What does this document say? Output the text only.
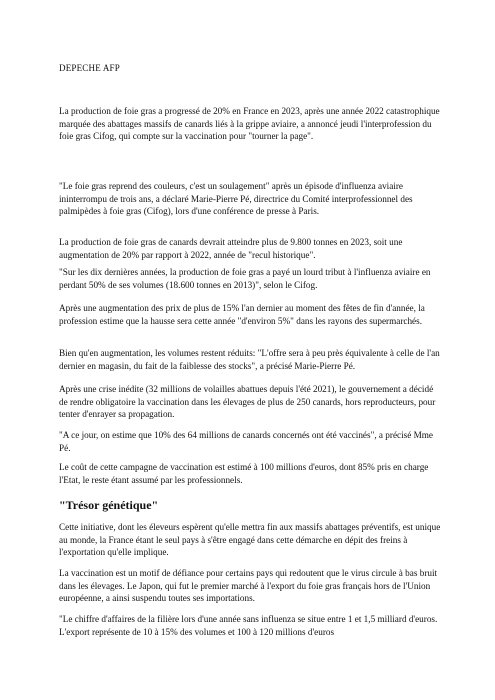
DEPECHE AFP

La production de foie gras a progressé de 20% en France en 2023, après une année 2022 catastrophique marquée des abattages massifs de canards liés à la grippe aviaire, a annoncé jeudi l'interprofession du foie gras Cifog, qui compte sur la vaccination pour "tourner la page".

"Le foie gras reprend des couleurs, c'est un soulagement" après un épisode d'influenza aviaire ininterrompu de trois ans, a déclaré Marie-Pierre Pé, directrice du Comité interprofessionnel des palmipèdes à foie gras (Cifog), lors d'une conférence de presse à Paris.

La production de foie gras de canards devrait atteindre plus de 9.800 tonnes en 2023, soit une augmentation de 20% par rapport à 2022, année de "recul historique".

"Sur les dix dernières années, la production de foie gras a payé un lourd tribut à l'influenza aviaire en perdant 50% de ses volumes (18.600 tonnes en 2013)", selon le Cifog.

Après une augmentation des prix de plus de 15% l'an dernier au moment des fêtes de fin d'année, la profession estime que la hausse sera cette année "d'environ 5%" dans les rayons des supermarchés.

Bien qu'en augmentation, les volumes restent réduits: "L'offre sera à peu près équivalente à celle de l'an dernier en magasin, du fait de la faiblesse des stocks", a précisé Marie-Pierre Pé.

Après une crise inédite (32 millions de volailles abattues depuis l'été 2021), le gouvernement a décidé de rendre obligatoire la vaccination dans les élevages de plus de 250 canards, hors reproducteurs, pour tenter d'enrayer sa propagation.

"A ce jour, on estime que 10% des 64 millions de canards concernés ont été vaccinés", a précisé Mme Pé.

Le coût de cette campagne de vaccination est estimé à 100 millions d'euros, dont 85% pris en charge l'Etat, le reste étant assumé par les professionnels.

"Trésor génétique"

Cette initiative, dont les éleveurs espèrent qu'elle mettra fin aux massifs abattages préventifs, est unique au monde, la France étant le seul pays à s'être engagé dans cette démarche en dépit des freins à l'exportation qu'elle implique.

La vaccination est un motif de défiance pour certains pays qui redoutent que le virus circule à bas bruit dans les élevages. Le Japon, qui fut le premier marché à l'export du foie gras français hors de l'Union européenne, a ainsi suspendu toutes ses importations.

"Le chiffre d'affaires de la filière lors d'une année sans influenza se situe entre 1 et 1,5 milliard d'euros. L'export représente de 10 à 15% des volumes et 100 à 120 millions d'euros
